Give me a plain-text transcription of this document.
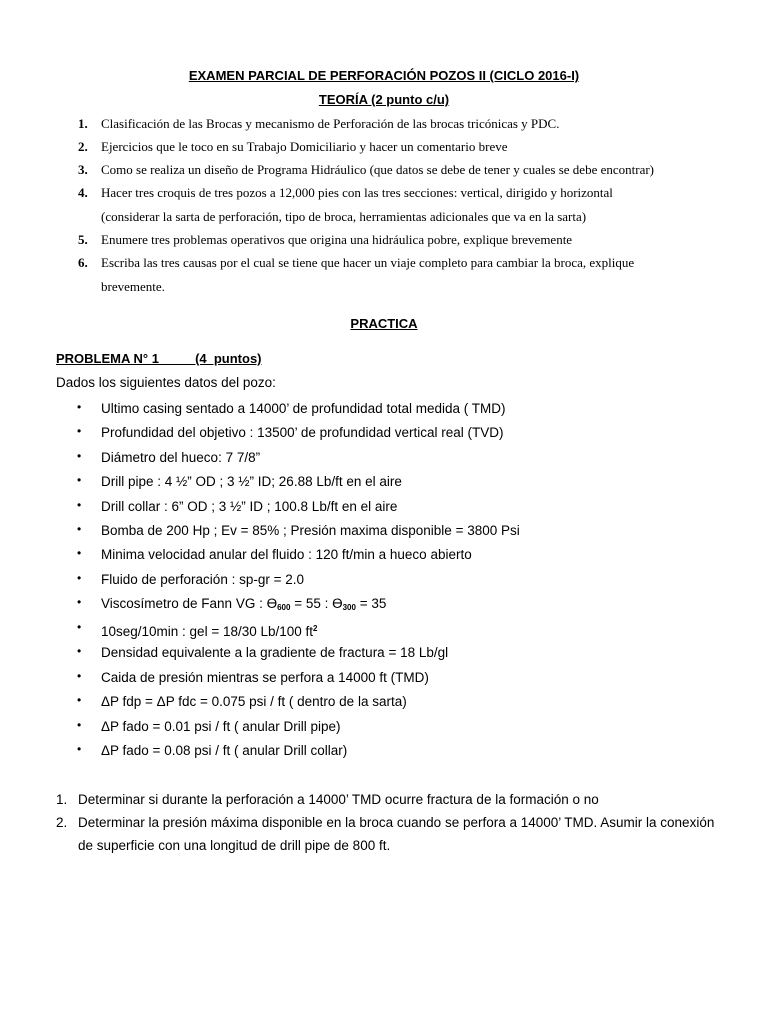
EXAMEN PARCIAL DE PERFORACIÓN POZOS II (CICLO 2016-I)
TEORÍA (2 punto c/u)
1. Clasificación de las Brocas y mecanismo de Perforación de las brocas tricónicas y PDC.
2. Ejercicios que le toco en su Trabajo Domiciliario y hacer un comentario breve
3. Como se realiza un diseño de Programa Hidráulico (que datos se debe de tener y cuales se debe encontrar)
4. Hacer tres croquis de tres pozos a 12,000 pies con las tres secciones: vertical, dirigido y horizontal (considerar la sarta de perforación, tipo de broca, herramientas adicionales que va en la sarta)
5. Enumere tres problemas operativos que origina una hidráulica pobre, explique brevemente
6. Escriba las tres causas por el cual se tiene que hacer un viaje completo para cambiar la broca, explique brevemente.
PRACTICA
PROBLEMA N° 1          (4  puntos)
Dados los siguientes datos del pozo:
• Ultimo casing sentado a 14000’ de profundidad total medida ( TMD)
• Profundidad del objetivo : 13500’ de profundidad vertical real (TVD)
• Diámetro del hueco: 7 7/8”
• Drill pipe : 4 ½” OD ; 3 ½” ID; 26.88 Lb/ft en el aire
• Drill collar : 6” OD ; 3 ½” ID ; 100.8 Lb/ft en el aire
• Bomba de 200 Hp ; Ev = 85% ; Presión maxima disponible = 3800 Psi
• Minima velocidad anular del fluido : 120 ft/min a hueco abierto
• Fluido de perforación : sp-gr = 2.0
• Viscosímetro de Fann VG : $ϴ_{600} = 55$ : $ϴ_{300} = 35$
• 10seg/10min : gel = 18/30 Lb/100 $ft^2$
• Densidad equivalente a la gradiente de fractura = 18 Lb/gl
• Caida de presión mientras se perfora a 14000 ft (TMD)
• ΔP fdp = ΔP fdc = 0.075 psi / ft ( dentro de la sarta)
• ΔP fado = 0.01 psi / ft ( anular Drill pipe)
• ΔP fado = 0.08 psi / ft ( anular Drill collar)
1. Determinar si durante la perforación a 14000’ TMD ocurre fractura de la formación o no
2. Determinar la presión máxima disponible en la broca cuando se perfora a 14000’ TMD. Asumir la conexión de superficie con una longitud de drill pipe de 800 ft.
